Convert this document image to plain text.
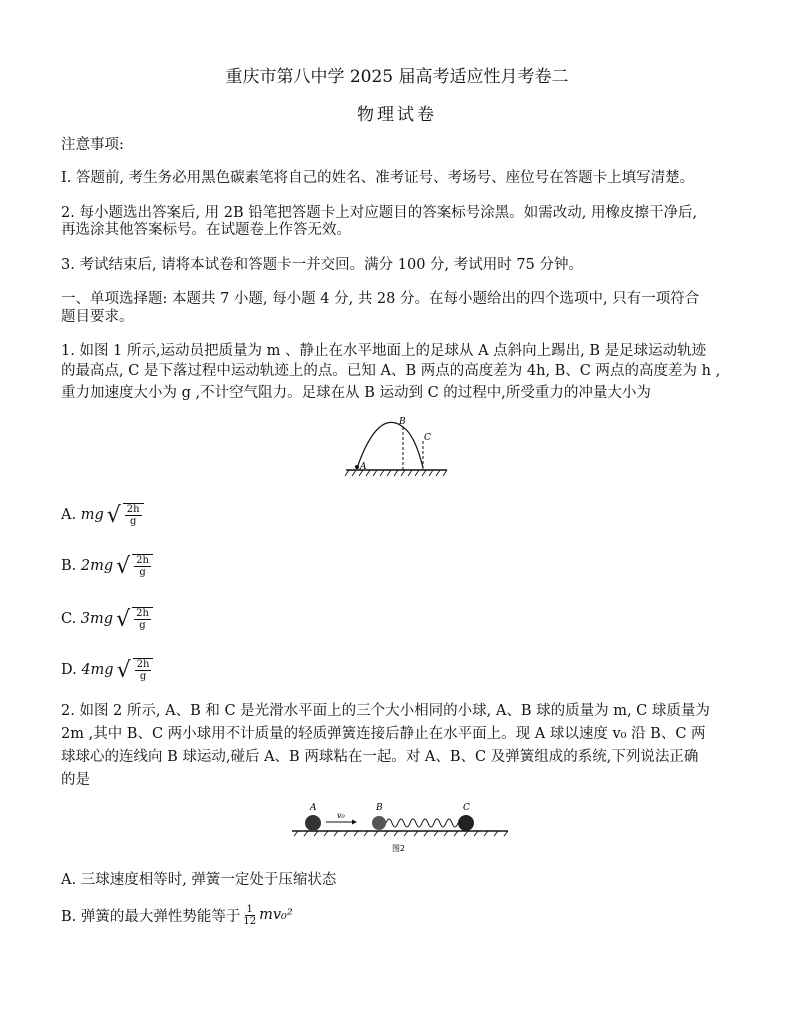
重庆市第八中学 2025 届高考适应性月考卷二
物理试卷
注意事项:
I. 答题前, 考生务必用黑色碳素笔将自己的姓名、准考证号、考场号、座位号在答题卡上填写清楚。
2. 每小题选出答案后, 用 2B 铅笔把答题卡上对应题目的答案标号涂黑。如需改动, 用橡皮擦干净后,
再选涂其他答案标号。在试题卷上作答无效。
3. 考试结束后, 请将本试卷和答题卡一并交回。满分 100 分, 考试用时 75 分钟。
一、单项选择题: 本题共 7 小题, 每小题 4 分, 共 28 分。在每小题给出的四个选项中, 只有一项符合
题目要求。
1. 如图 1 所示,运动员把质量为 m 、静止在水平地面上的足球从 A 点斜向上踢出, B 是足球运动轨迹
的最高点, C 是下落过程中运动轨迹上的点。已知 A、B 两点的高度差为 4h, B、C 两点的高度差为 h ,
重力加速度大小为 g ,不计空气阻力。足球在从 B 运动到 C 的过程中,所受重力的冲量大小为
A
B
C
A.
mg √ $\frac{2h}{g}$
B.
2mg √ $\frac{2h}{g}$
C.
3mg √ $\frac{2h}{g}$
D.
4mg √ $\frac{2h}{g}$
2. 如图 2 所示, A、B 和 C 是光滑水平面上的三个大小相同的小球, A、B 球的质量为 m, C 球质量为
2m ,其中 B、C 两小球用不计质量的轻质弹簧连接后静止在水平面上。现 A 球以速度 v₀ 沿 B、C 两
球球心的连线向 B 球运动,碰后 A、B 两球粘在一起。对 A、B、C 及弹簧组成的系统,下列说法正确
的是
A
v₀
B	C
图2
A. 三球速度相等时, 弹簧一定处于压缩状态
B. 弹簧的最大弹性势能等于 $\frac{1}{12} mv_0^2$
